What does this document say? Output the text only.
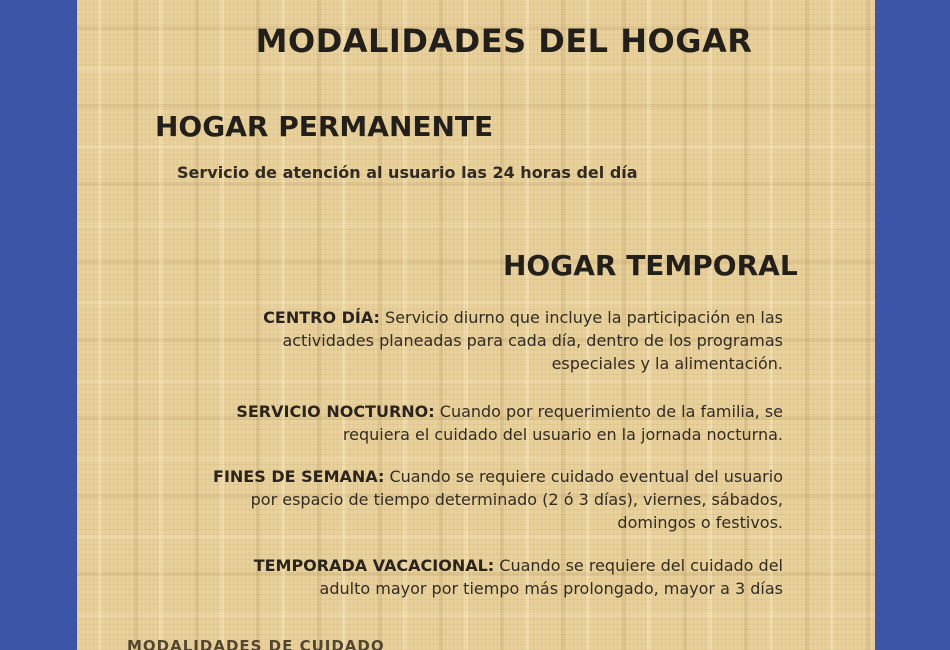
MODALIDADES DEL HOGAR
HOGAR PERMANENTE
Servicio de atención al usuario las 24 horas del día
HOGAR TEMPORAL

CENTRO DÍA: Servicio diurno que incluye la participación en las actividades planeadas para cada día, dentro de los programas especiales y la alimentación.

SERVICIO NOCTURNO: Cuando por requerimiento de la familia, se requiera el cuidado del usuario en la jornada nocturna.

FINES DE SEMANA: Cuando se requiere cuidado eventual del usuario por espacio de tiempo determinado (2 ó 3 días), viernes, sábados, domingos o festivos.

TEMPORADA VACACIONAL: Cuando se requiere del cuidado del adulto mayor por tiempo más prolongado, mayor a 3 días

MODALIDADES DE CUIDADO
